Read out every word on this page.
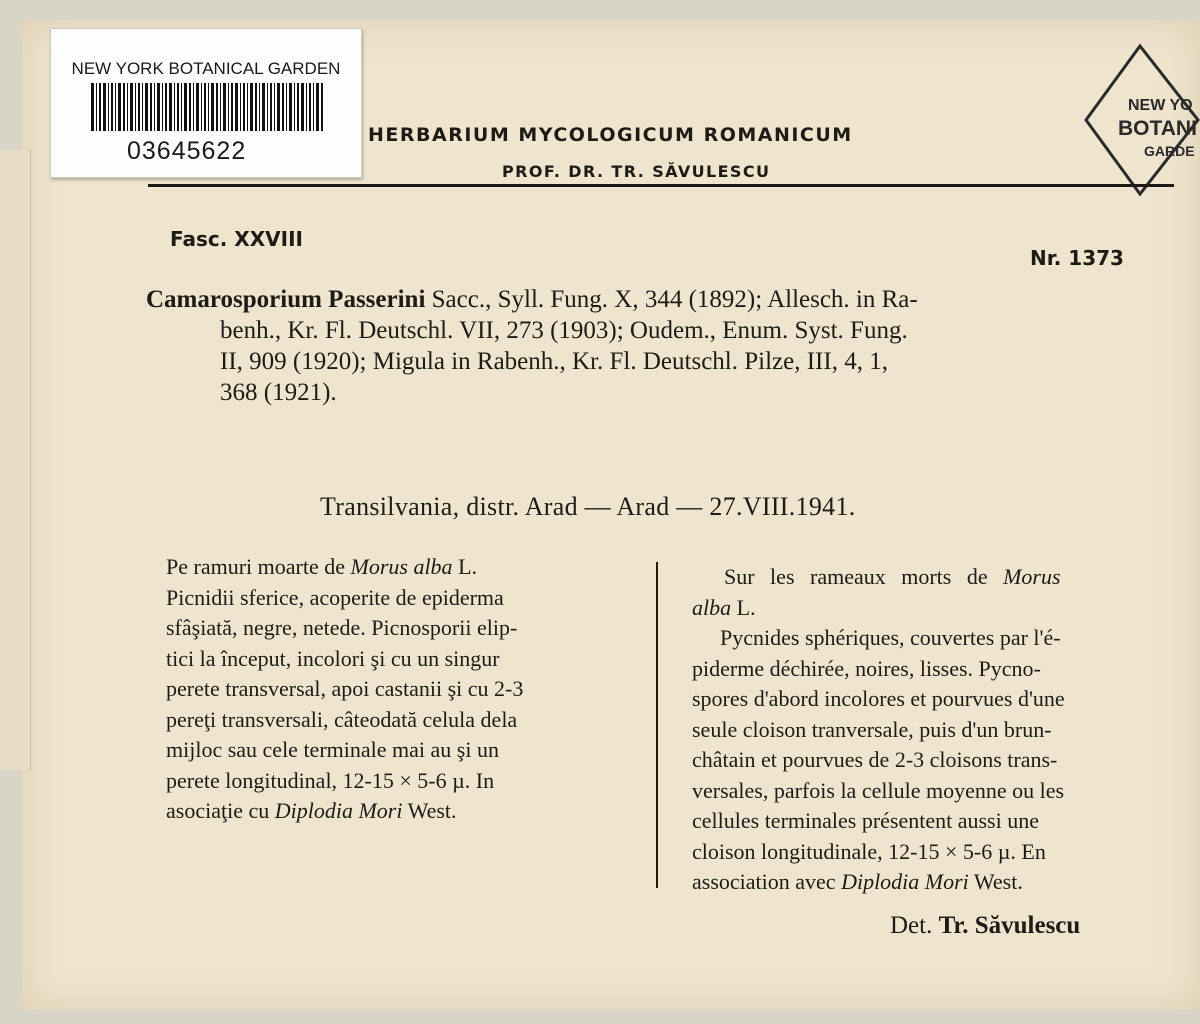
NEW YORK BOTANICAL GARDEN
03645622
NEW YO
BOTANI
GARDE
HERBARIUM MYCOLOGICUM ROMANICUM
PROF. DR. TR. SĂVULESCU
Fasc. XXVIII
Nr. 1373

Camarosporium Passerini Sacc., Syll. Fung. X, 344 (1892); Allesch. in Ra-

benh., Kr. Fl. Deutschl. VII, 273 (1903); Oudem., Enum. Syst. Fung.

II, 909 (1920); Migula in Rabenh., Kr. Fl. Deutschl. Pilze, III, 4, 1,

368 (1921).

Transilvania, distr. Arad — Arad — 27.VIII.1941.
Pe ramuri moarte de Morus alba L.
Picnidii sferice, acoperite de epiderma
sfâşiată, negre, netede. Picnosporii elip-
tici la început, incolori şi cu un singur
perete transversal, apoi castanii şi cu 2-3
pereţi transversali, câteodată celula dela
mijloc sau cele terminale mai au şi un
perete longitudinal, 12-15 × 5-6 µ. In
asociaţie cu Diplodia Mori West.
Sur les rameaux morts de Morus
alba L.
Pycnides sphériques, couvertes par l'é-
piderme déchirée, noires, lisses. Pycno-
spores d'abord incolores et pourvues d'une
seule cloison tranversale, puis d'un brun-
châtain et pourvues de 2-3 cloisons trans-
versales, parfois la cellule moyenne ou les
cellules terminales présentent aussi une
cloison longitudinale, 12-15 × 5-6 µ. En
association avec Diplodia Mori West.
Det. Tr. Săvulescu
